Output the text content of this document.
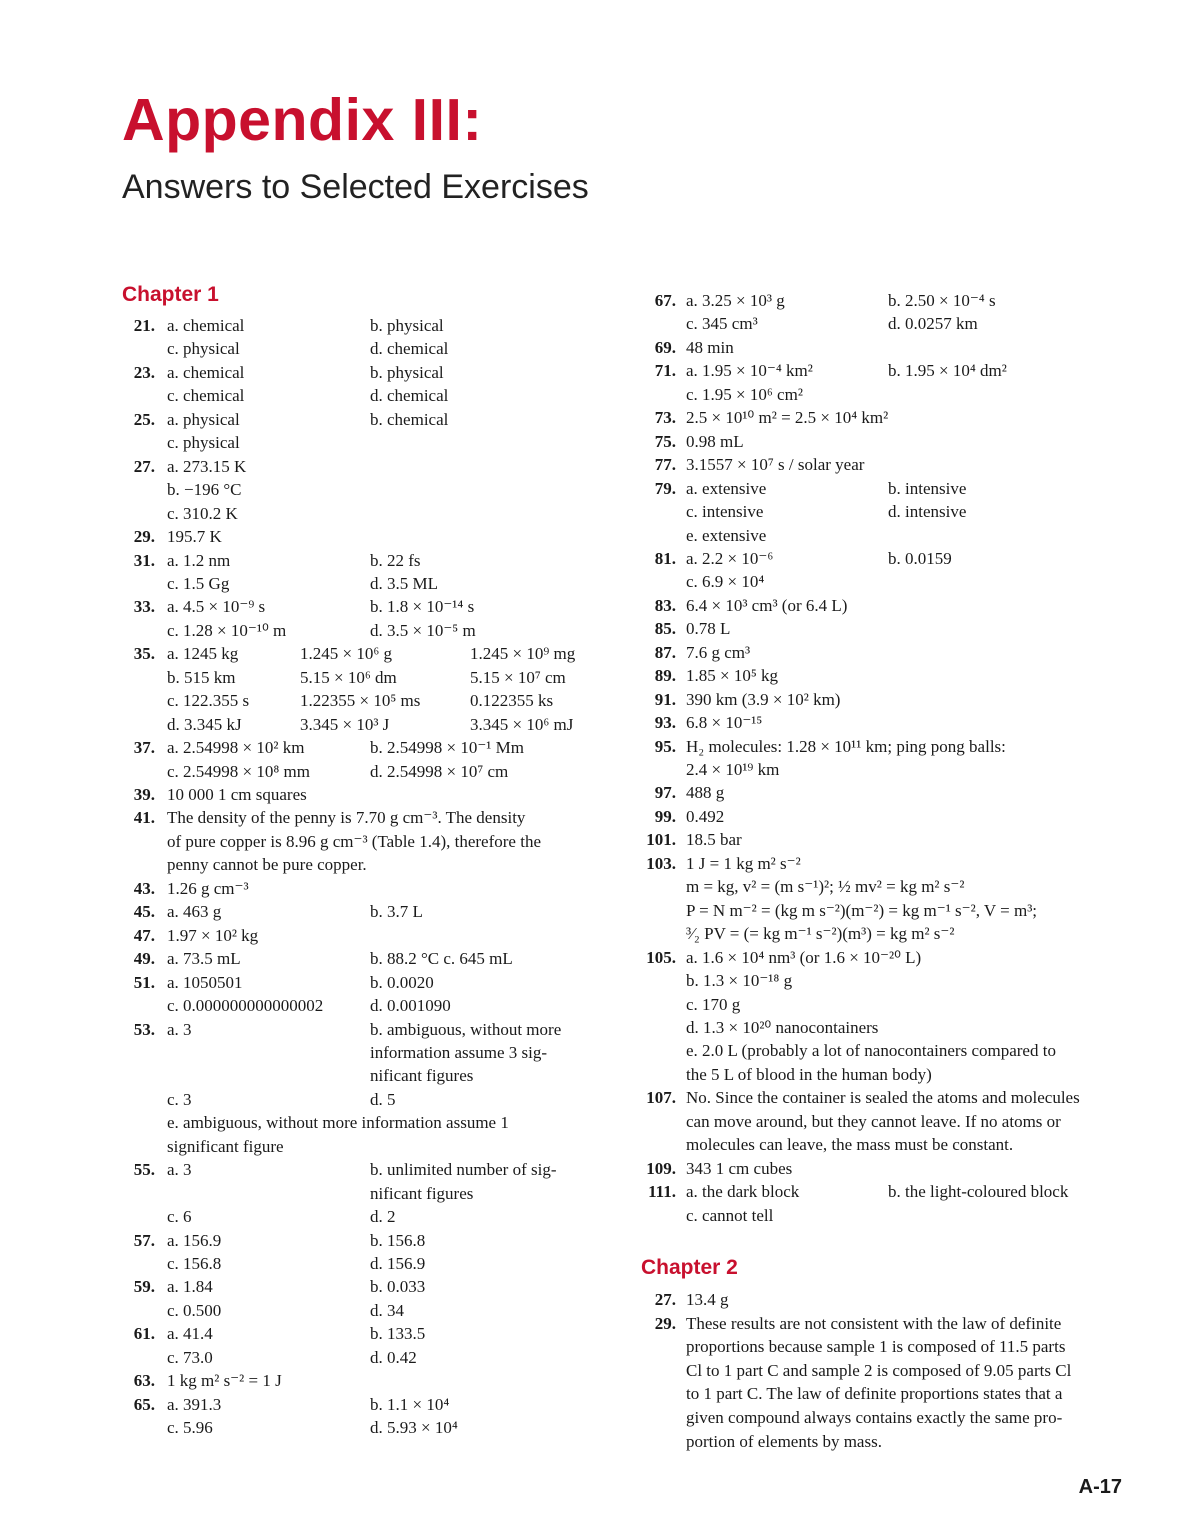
Appendix III:
Answers to Selected Exercises
Chapter 1
21. a. chemical	b. physical
c. physical	d. chemical
23. a. chemical	b. physical
c. chemical	d. chemical
25. a. physical	b. chemical
c. physical
27. a. 273.15 K
b. −196 °C
c. 310.2 K
29. 195.7 K
31. a. 1.2 nm	b. 22 fs
c. 1.5 Gg	d. 3.5 ML
33. a. 4.5 × 10⁻⁹ s	b. 1.8 × 10⁻¹⁴ s
c. 1.28 × 10⁻¹⁰ m	d. 3.5 × 10⁻⁵ m
35. a. 1245 kg	1.245 × 10⁶ g	1.245 × 10⁹ mg
b. 515 km	5.15 × 10⁶ dm	5.15 × 10⁷ cm
c. 122.355 s	1.22355 × 10⁵ ms	0.122355 ks
d. 3.345 kJ	3.345 × 10³ J	3.345 × 10⁶ mJ
37. a. 2.54998 × 10² km	b. 2.54998 × 10⁻¹ Mm
c. 2.54998 × 10⁸ mm	d. 2.54998 × 10⁷ cm
39. 10 000 1 cm squares
41. The density of the penny is 7.70 g cm⁻³. The density
of pure copper is 8.96 g cm⁻³ (Table 1.4), therefore the
penny cannot be pure copper.
43. 1.26 g cm⁻³
45. a. 463 g	b. 3.7 L
47. 1.97 × 10² kg
49. a. 73.5 mL	b. 88.2 °C c. 645 mL
51. a. 1050501	b. 0.0020
c. 0.000000000000002	d. 0.001090
53. a. 3	b. ambiguous, without more
information assume 3 sig-
nificant figures
c. 3	d. 5
e. ambiguous, without more information assume 1
significant figure
55. a. 3	b. unlimited number of sig-
nificant figures
c. 6	d. 2
57. a. 156.9	b. 156.8
c. 156.8	d. 156.9
59. a. 1.84	b. 0.033
c. 0.500	d. 34
61. a. 41.4	b. 133.5
c. 73.0	d. 0.42
63. 1 kg m² s⁻² = 1 J
65. a. 391.3	b. 1.1 × 10⁴
c. 5.96	d. 5.93 × 10⁴
Chapter 2
67. a. 3.25 × 10³ g	b. 2.50 × 10⁻⁴ s
c. 345 cm³	d. 0.0257 km
69. 48 min
71. a. 1.95 × 10⁻⁴ km²	b. 1.95 × 10⁴ dm²
c. 1.95 × 10⁶ cm²
73. 2.5 × 10¹⁰ m² = 2.5 × 10⁴ km²
75. 0.98 mL
77. 3.1557 × 10⁷ s / solar year
79. a. extensive	b. intensive
c. intensive	d. intensive
e. extensive
81. a. 2.2 × 10⁻⁶	b. 0.0159
c. 6.9 × 10⁴
83. 6.4 × 10³ cm³ (or 6.4 L)
85. 0.78 L
87. 7.6 g cm³
89. 1.85 × 10⁵ kg
91. 390 km (3.9 × 10² km)
93. 6.8 × 10⁻¹⁵
95. H₂ molecules: 1.28 × 10¹¹ km; ping pong balls:
2.4 × 10¹⁹ km
97. 488 g
99. 0.492
101. 18.5 bar
103. 1 J = 1 kg m² s⁻²
m = kg, v² = (m s⁻¹)²; ½ mv² = kg m² s⁻²
P = N m⁻² = (kg m s⁻²)(m⁻²) = kg m⁻¹ s⁻², V = m³;
³⁄₂ PV = (= kg m⁻¹ s⁻²)(m³) = kg m² s⁻²
105. a. 1.6 × 10⁴ nm³ (or 1.6 × 10⁻²⁰ L)
b. 1.3 × 10⁻¹⁸ g
c. 170 g
d. 1.3 × 10²⁰ nanocontainers
e. 2.0 L (probably a lot of nanocontainers compared to
the 5 L of blood in the human body)
107. No. Since the container is sealed the atoms and molecules
can move around, but they cannot leave. If no atoms or
molecules can leave, the mass must be constant.
109. 343 1 cm cubes
111. a. the dark block	b. the light-coloured block
c. cannot tell
27. 13.4 g
29. These results are not consistent with the law of definite
proportions because sample 1 is composed of 11.5 parts
Cl to 1 part C and sample 2 is composed of 9.05 parts Cl
to 1 part C. The law of definite proportions states that a
given compound always contains exactly the same pro-
portion of elements by mass.
A-17
